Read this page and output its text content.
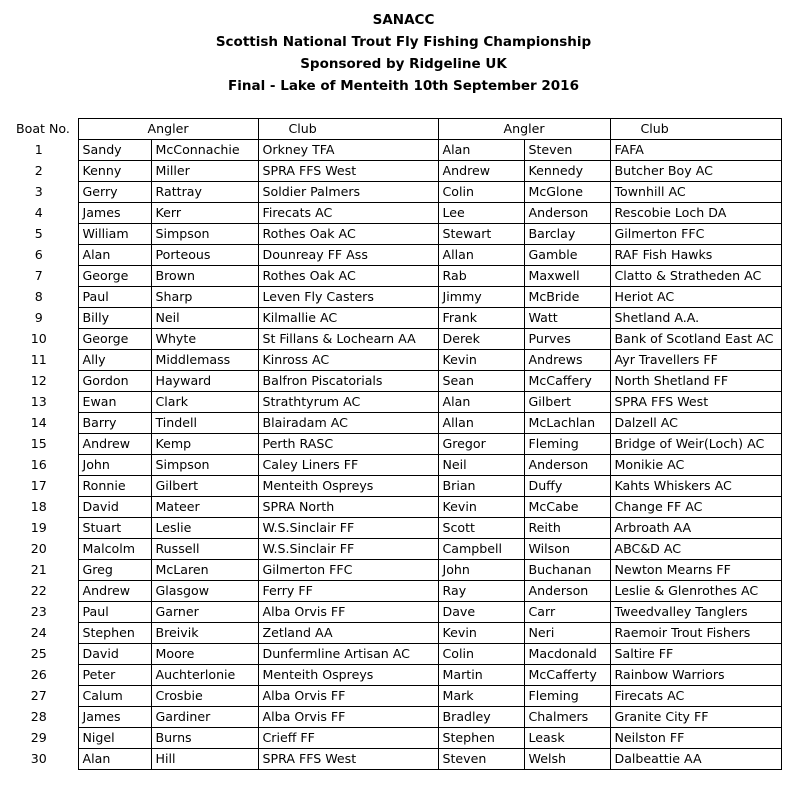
SANACC
Scottish National Trout Fly Fishing Championship
Sponsored by Ridgeline UK
Final - Lake of Menteith 10th September 2016
Boat No.	Angler		Club	Angler		Club
1	Sandy	McConnachie	Orkney TFA	Alan	Steven	FAFA
2	Kenny	Miller	SPRA FFS West	Andrew	Kennedy	Butcher Boy AC
3	Gerry	Rattray	Soldier Palmers	Colin	McGlone	Townhill AC
4	James	Kerr	Firecats AC	Lee	Anderson	Rescobie Loch DA
5	William	Simpson	Rothes Oak AC	Stewart	Barclay	Gilmerton FFC
6	Alan	Porteous	Dounreay FF Ass	Allan	Gamble	RAF Fish Hawks
7	George	Brown	Rothes Oak AC	Rab	Maxwell	Clatto & Stratheden AC
8	Paul	Sharp	Leven Fly Casters	Jimmy	McBride	Heriot AC
9	Billy	Neil	Kilmallie AC	Frank	Watt	Shetland A.A.
10	George	Whyte	St Fillans & Lochearn AA	Derek	Purves	Bank of Scotland East AC
11	Ally	Middlemass	Kinross AC	Kevin	Andrews	Ayr Travellers FF
12	Gordon	Hayward	Balfron Piscatorials	Sean	McCaffery	North Shetland FF
13	Ewan	Clark	Strathtyrum AC	Alan	Gilbert	SPRA FFS West
14	Barry	Tindell	Blairadam AC	Allan	McLachlan	Dalzell AC
15	Andrew	Kemp	Perth RASC	Gregor	Fleming	Bridge of Weir(Loch) AC
16	John	Simpson	Caley Liners FF	Neil	Anderson	Monikie AC
17	Ronnie	Gilbert	Menteith Ospreys	Brian	Duffy	Kahts Whiskers AC
18	David	Mateer	SPRA North	Kevin	McCabe	Change FF AC
19	Stuart	Leslie	W.S.Sinclair FF	Scott	Reith	Arbroath AA
20	Malcolm	Russell	W.S.Sinclair FF	Campbell	Wilson	ABC&D AC
21	Greg	McLaren	Gilmerton FFC	John	Buchanan	Newton Mearns FF
22	Andrew	Glasgow	Ferry FF	Ray	Anderson	Leslie & Glenrothes AC
23	Paul	Garner	Alba Orvis FF	Dave	Carr	Tweedvalley Tanglers
24	Stephen	Breivik	Zetland AA	Kevin	Neri	Raemoir Trout Fishers
25	David	Moore	Dunfermline Artisan AC	Colin	Macdonald	Saltire FF
26	Peter	Auchterlonie	Menteith Ospreys	Martin	McCafferty	Rainbow Warriors
27	Calum	Crosbie	Alba Orvis FF	Mark	Fleming	Firecats AC
28	James	Gardiner	Alba Orvis FF	Bradley	Chalmers	Granite City FF
29	Nigel	Burns	Crieff FF	Stephen	Leask	Neilston FF
30	Alan	Hill	SPRA FFS West	Steven	Welsh	Dalbeattie AA
